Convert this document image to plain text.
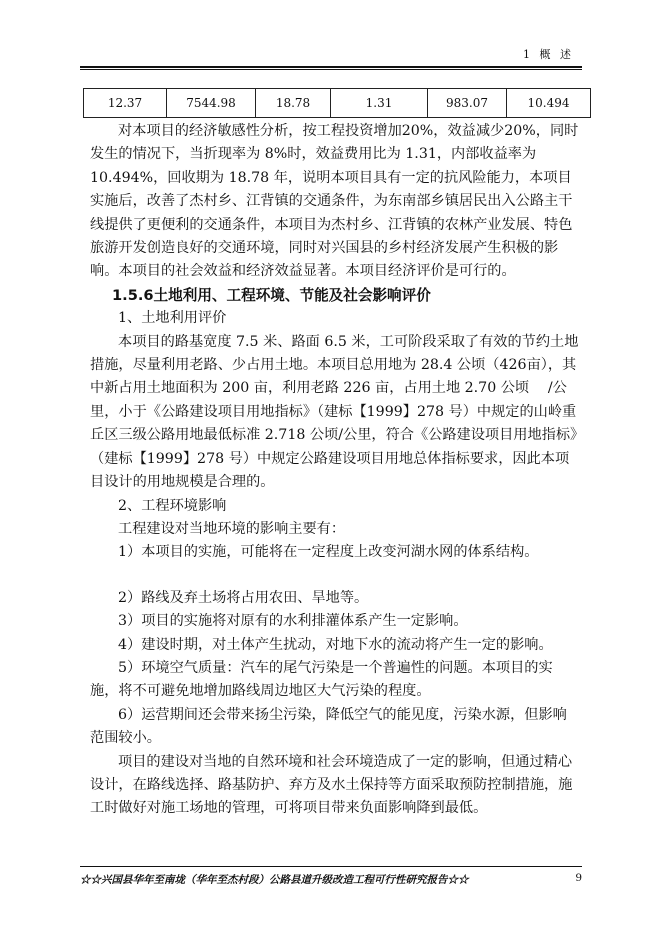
1 概 述
12.37	7544.98	18.78	1.31	983.07	10.494

对本项目的经济敏感性分析，按工程投资增加20%，效益减少20%，同时发生的情况下，当折现率为 8%时，效益费用比为 1.31，内部收益率为 10.494%，回收期为 18.78 年，说明本项目具有一定的抗风险能力，本项目实施后，改善了杰村乡、江背镇的交通条件，为东南部乡镇居民出入公路主干线提供了更便利的交通条件，本项目为杰村乡、江背镇的农林产业发展、特色旅游开发创造良好的交通环境，同时对兴国县的乡村经济发展产生积极的影响。本项目的社会效益和经济效益显著。本项目经济评价是可行的。

1.5.6土地利用、工程环境、节能及社会影响评价

1、土地利用评价

本项目的路基宽度 7.5 米、路面 6.5 米，工可阶段采取了有效的节约土地措施，尽量利用老路、少占用土地。本项目总用地为 28.4 公顷（426亩），其中新占用土地面积为 200 亩，利用老路 226 亩，占用土地 2.70 公顷　 /公里，小于《公路建设项目用地指标》（建标【1999】278 号）中规定的山岭重丘区三级公路用地最低标准 2.718 公顷/公里，符合《公路建设项目用地指标》（建标【1999】278 号）中规定公路建设项目用地总体指标要求，因此本项目设计的用地规模是合理的。

2、工程环境影响

工程建设对当地环境的影响主要有：

1）本项目的实施，可能将在一定程度上改变河湖水网的体系结构。

2）路线及弃土场将占用农田、旱地等。

3）项目的实施将对原有的水利排灌体系产生一定影响。

4）建设时期，对土体产生扰动，对地下水的流动将产生一定的影响。

5）环境空气质量：汽车的尾气污染是一个普遍性的问题。本项目的实施，将不可避免地增加路线周边地区大气污染的程度。

6）运营期间还会带来扬尘污染，降低空气的能见度，污染水源，但影响范围较小。

项目的建设对当地的自然环境和社会环境造成了一定的影响，但通过精心设计，在路线选择、路基防护、弃方及水土保持等方面采取预防控制措施，施工时做好对施工场地的管理，可将项目带来负面影响降到最低。

☆☆兴国县华年至南垅（华年至杰村段）公路县道升级改造工程可行性研究报告☆☆	9
